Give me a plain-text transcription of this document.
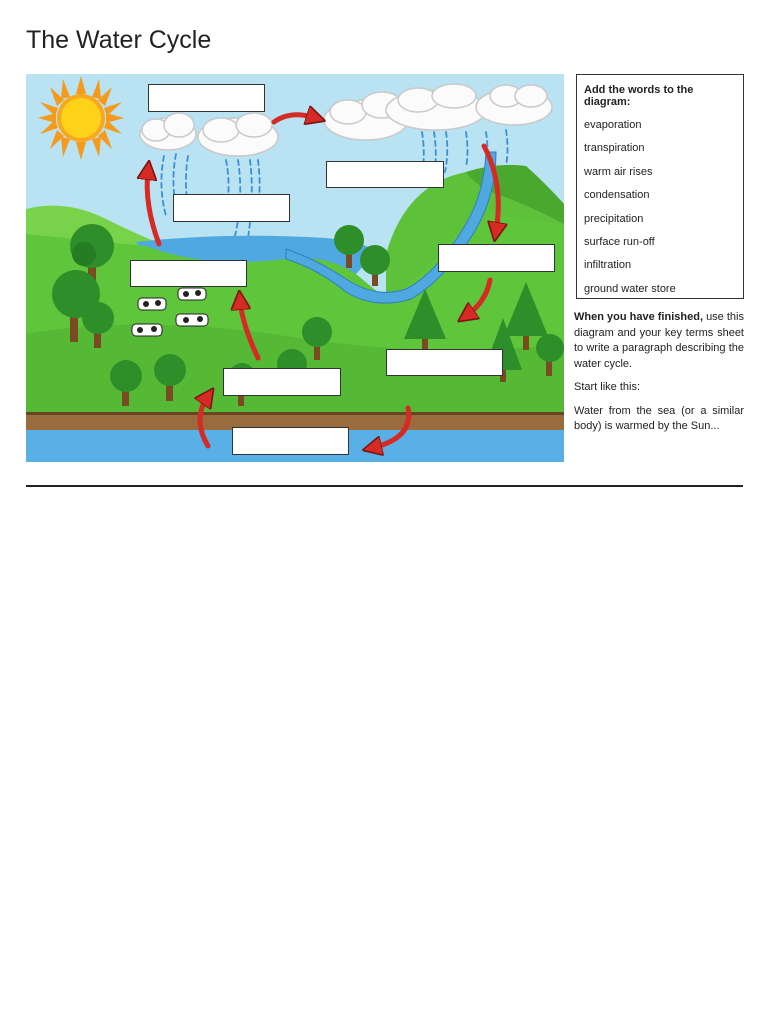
The Water Cycle
Add the words to the diagram:
evaporation
transpiration
warm air rises
condensation
precipitation
surface run-off
infiltration
ground water store

When you have finished, use this diagram and your key terms sheet to write a paragraph describing the water cycle.

Start like this:

Water from the sea (or a similar body) is warmed by the Sun...
